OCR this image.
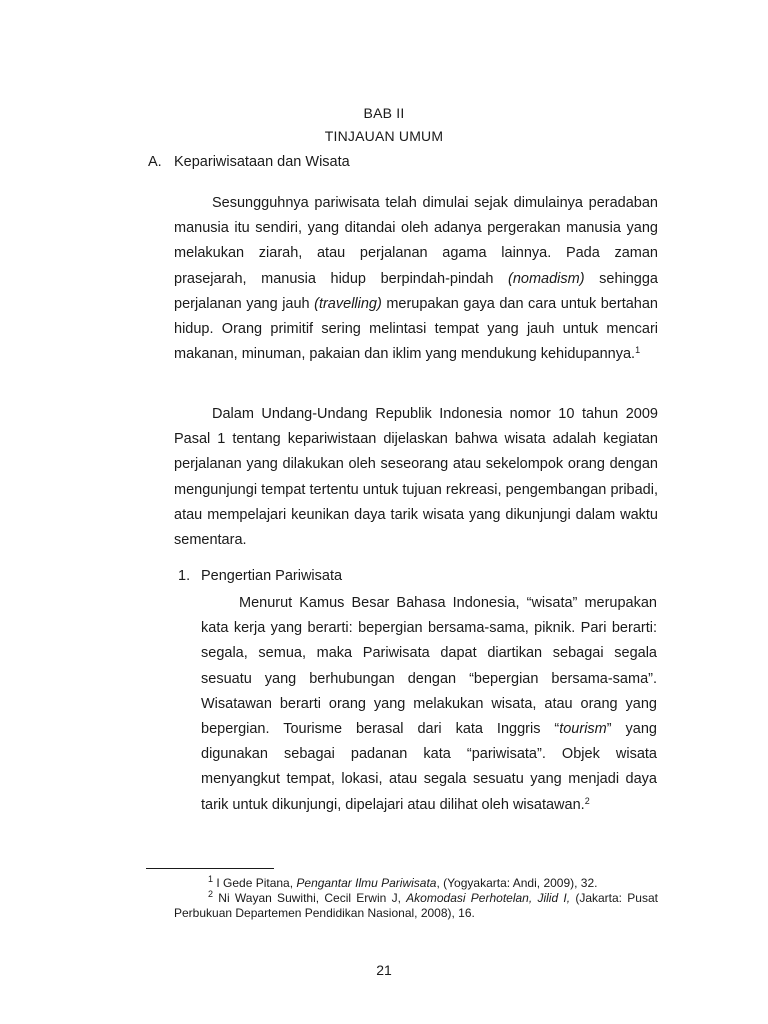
BAB II
TINJAUAN UMUM
A. Kepariwisataan dan Wisata

Sesungguhnya pariwisata telah dimulai sejak dimulainya peradaban manusia itu sendiri, yang ditandai oleh adanya pergerakan manusia yang melakukan ziarah, atau perjalanan agama lainnya. Pada zaman prasejarah, manusia hidup berpindah-pindah (nomadism) sehingga perjalanan yang jauh (travelling) merupakan gaya dan cara untuk bertahan hidup. Orang primitif sering melintasi tempat yang jauh untuk mencari makanan, minuman, pakaian dan iklim yang mendukung kehidupannya.$^1$

Dalam Undang-Undang Republik Indonesia nomor 10 tahun 2009 Pasal 1 tentang kepariwistaan dijelaskan bahwa wisata adalah kegiatan perjalanan yang dilakukan oleh seseorang atau sekelompok orang dengan mengunjungi tempat tertentu untuk tujuan rekreasi, pengembangan pribadi, atau mempelajari keunikan daya tarik wisata yang dikunjungi dalam waktu sementara.

1. Pengertian Pariwisata

Menurut Kamus Besar Bahasa Indonesia, “wisata” merupakan kata kerja yang berarti: bepergian bersama-sama, piknik. Pari berarti: segala, semua, maka Pariwisata dapat diartikan sebagai segala sesuatu yang berhubungan dengan “bepergian bersama-sama”. Wisatawan berarti orang yang melakukan wisata, atau orang yang bepergian. Tourisme berasal dari kata Inggris “tourism” yang digunakan sebagai padanan kata “pariwisata”. Objek wisata menyangkut tempat, lokasi, atau segala sesuatu yang menjadi daya tarik untuk dikunjungi, dipelajari atau dilihat oleh wisatawan.$^2$

$^1$ I Gede Pitana, Pengantar Ilmu Pariwisata, (Yogyakarta: Andi, 2009), 32.

$^2$ Ni Wayan Suwithi, Cecil Erwin J, Akomodasi Perhotelan, Jilid I, (Jakarta: Pusat Perbukuan Departemen Pendidikan Nasional, 2008), 16.

21
